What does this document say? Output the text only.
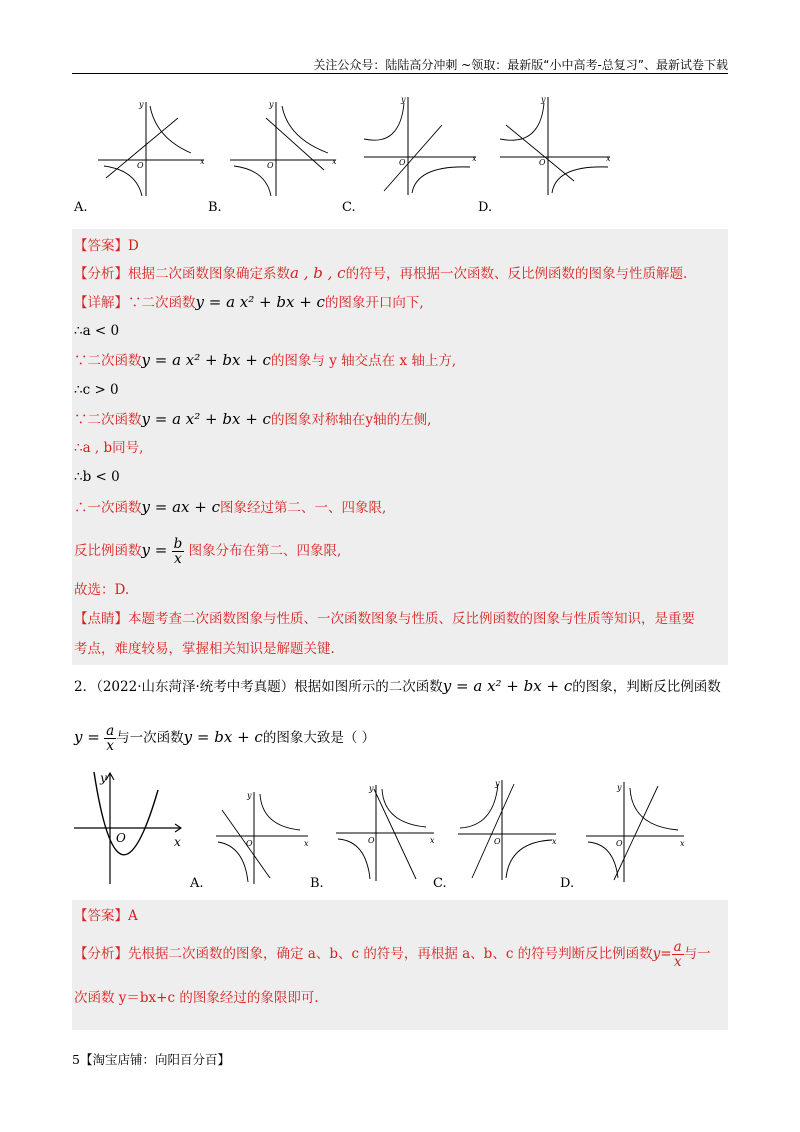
关注公众号：陆陆高分冲刺 ~领取：最新版“小中高考-总复习”、最新试卷下载
y
x
O
y
x
O
y
x
O
y
x
O
A.	B.	C.	D.
【答案】D
【分析】根据二次函数图象确定系数a , b , c的符号，再根据一次函数、反比例函数的图象与性质解题.
【详解】∵二次函数y = a x² + bx + c的图象开口向下,
∴a < 0
∵二次函数y = a x² + bx + c的图象与 y 轴交点在 x 轴上方,
∴c > 0
∵二次函数y = a x² + bx + c的图象对称轴在y轴的左侧,
∴a , b同号,
∴b < 0
∴一次函数y = ax + c图象经过第二、一、四象限,
反比例函数$y = \frac{b}{x}$ 图象分布在第二、四象限,
故选：D.
【点睛】本题考查二次函数图象与性质、一次函数图象与性质、反比例函数的图象与性质等知识，是重要
考点，难度较易，掌握相关知识是解题关键.
2．（2022·山东菏泽·统考中考真题）根据如图所示的二次函数y = a x² + bx + c的图象，判断反比例函数
$y = \frac{a}{x}$ 与一次函数y = bx + c的图象大致是（ ）
y
x
O
y
x
O
y
x
O
y
x
O
y
x
O
A.	B.	C.	D.
【答案】A
【分析】先根据二次函数的图象，确定 a、b、c 的符号，再根据 a、b、c 的符号判断反比例函数$y= \frac{a}{x}$ 与一
次函数 y＝bx+c 的图象经过的象限即可.
5【淘宝店铺：向阳百分百】
